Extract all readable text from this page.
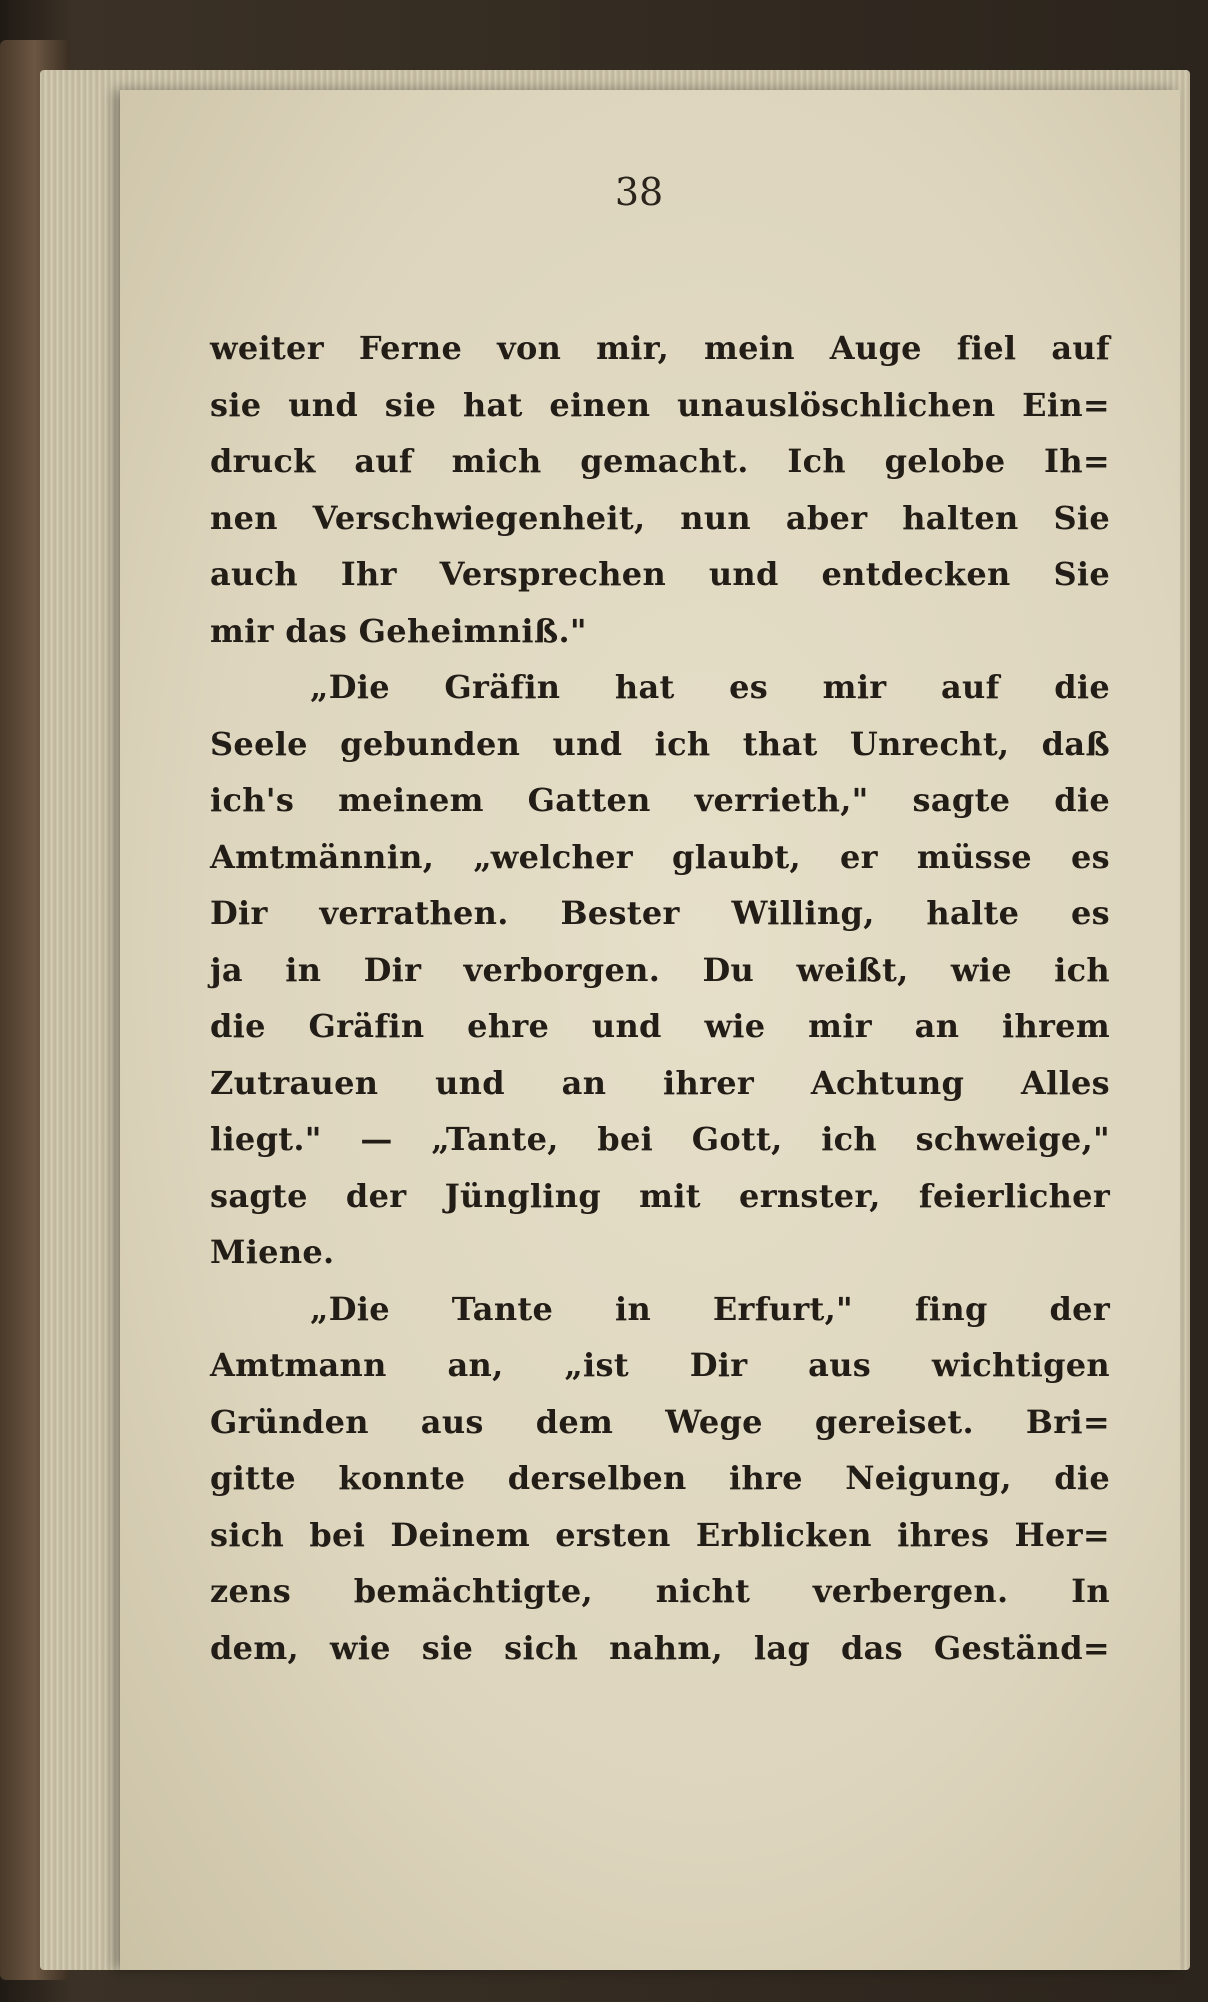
38
weiter Ferne von mir, mein Auge fiel auf
sie und sie hat einen unauslöschlichen Ein=
druck auf mich gemacht. Ich gelobe Ih=
nen Verschwiegenheit, nun aber halten Sie
auch Ihr Versprechen und entdecken Sie
mir das Geheimniß."
„Die Gräfin hat es mir auf die
Seele gebunden und ich that Unrecht, daß
ich's meinem Gatten verrieth," sagte die
Amtmännin, „welcher glaubt, er müsse es
Dir verrathen. Bester Willing, halte es
ja in Dir verborgen. Du weißt, wie ich
die Gräfin ehre und wie mir an ihrem
Zutrauen und an ihrer Achtung Alles
liegt." — „Tante, bei Gott, ich schweige,"
sagte der Jüngling mit ernster, feierlicher
Miene.
„Die Tante in Erfurt," fing der
Amtmann an, „ist Dir aus wichtigen
Gründen aus dem Wege gereiset. Bri=
gitte konnte derselben ihre Neigung, die
sich bei Deinem ersten Erblicken ihres Her=
zens bemächtigte, nicht verbergen. In
dem, wie sie sich nahm, lag das Geständ=
